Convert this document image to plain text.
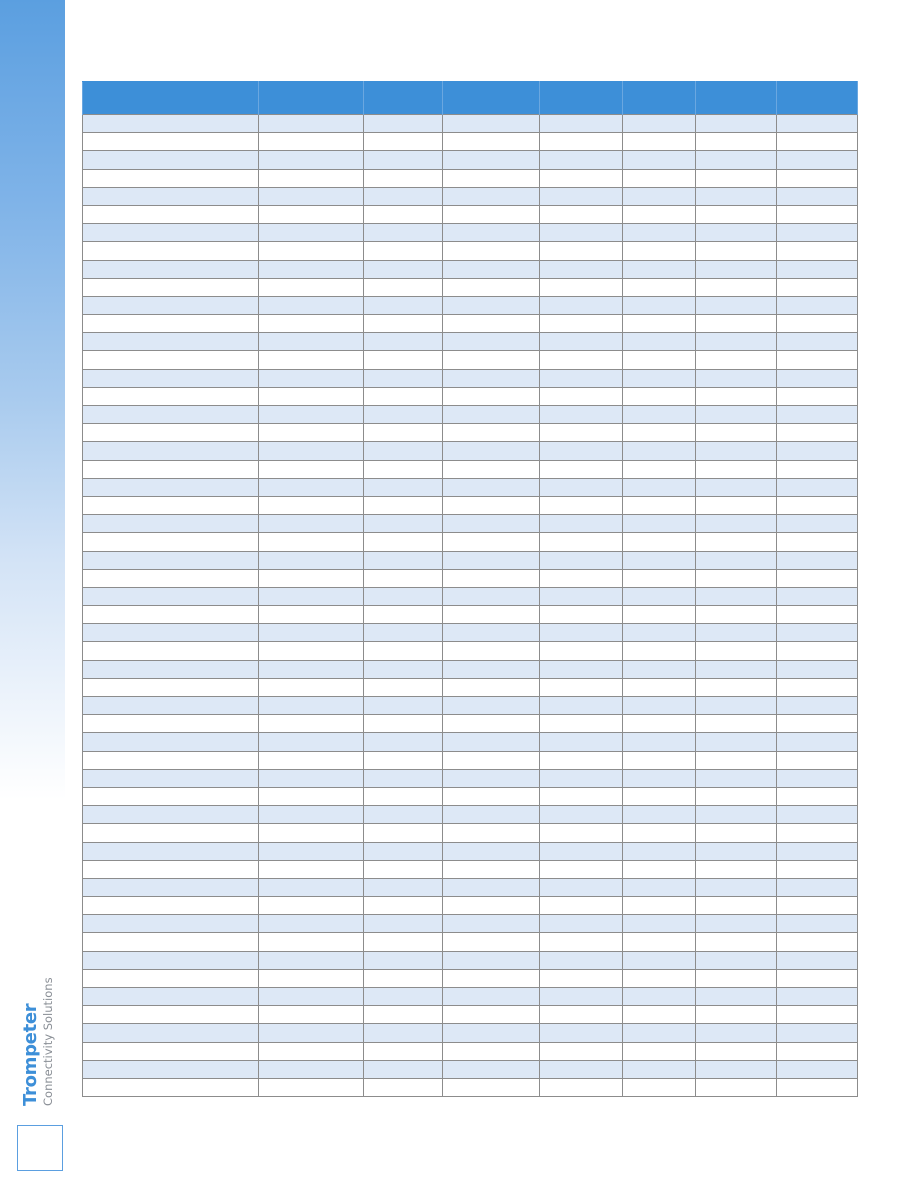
Trompeter Connectivity Solutions
